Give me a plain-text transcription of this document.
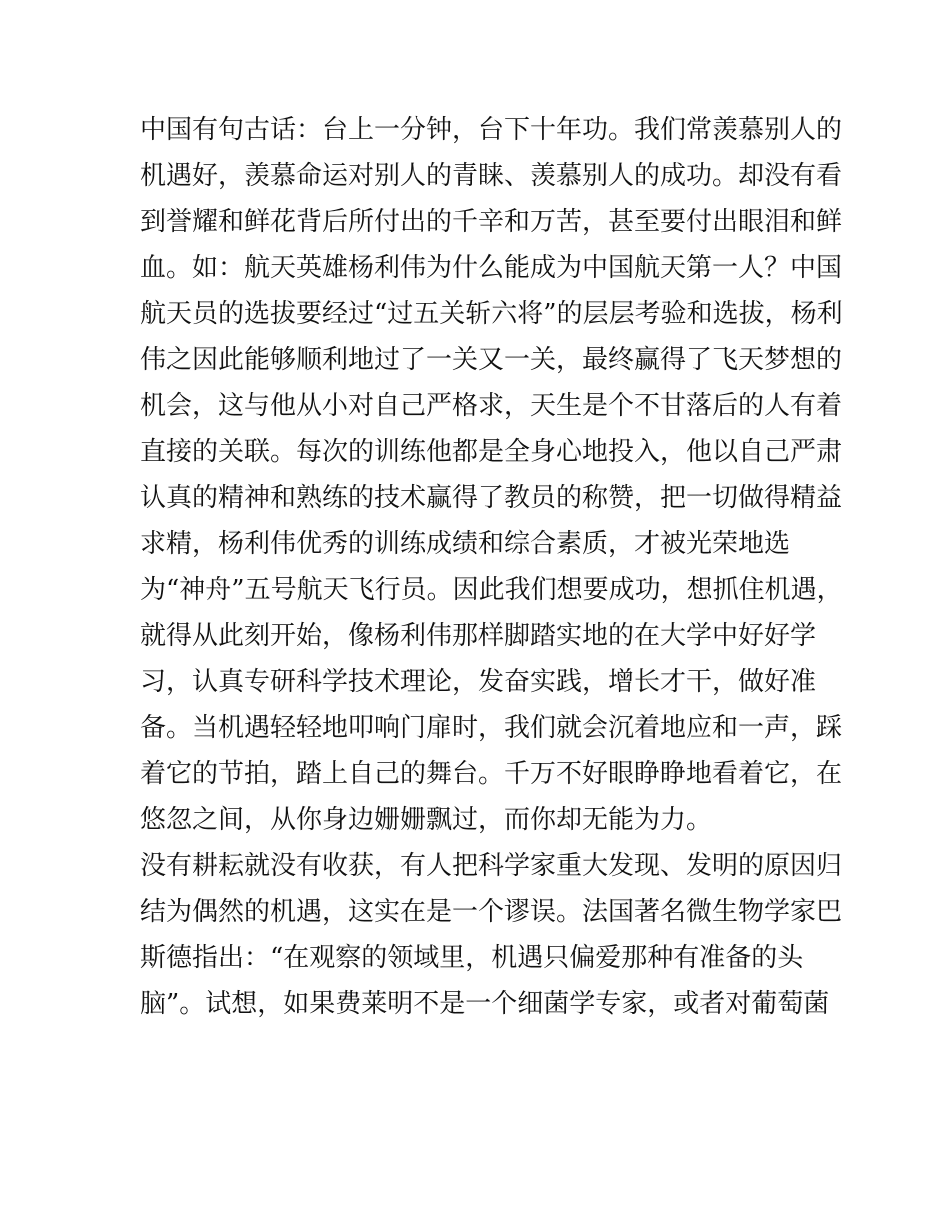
中国有句古话：台上一分钟，台下十年功。我们常羡慕别人的
机遇好，羡慕命运对别人的青睐、羡慕别人的成功。却没有看
到誉耀和鲜花背后所付出的千辛和万苦，甚至要付出眼泪和鲜
血。如：航天英雄杨利伟为什么能成为中国航天第一人？中国
航天员的选拔要经过“过五关斩六将”的层层考验和选拔，杨利
伟之因此能够顺利地过了一关又一关，最终赢得了飞天梦想的
机会，这与他从小对自己严格求，天生是个不甘落后的人有着
直接的关联。每次的训练他都是全身心地投入，他以自己严肃
认真的精神和熟练的技术赢得了教员的称赞，把一切做得精益
求精，杨利伟优秀的训练成绩和综合素质，才被光荣地选
为“神舟”五号航天飞行员。因此我们想要成功，想抓住机遇，
就得从此刻开始，像杨利伟那样脚踏实地的在大学中好好学
习，认真专研科学技术理论，发奋实践，增长才干，做好准
备。当机遇轻轻地叩响门扉时，我们就会沉着地应和一声，踩
着它的节拍，踏上自己的舞台。千万不好眼睁睁地看着它，在
悠忽之间，从你身边姗姗飘过，而你却无能为力。
没有耕耘就没有收获，有人把科学家重大发现、发明的原因归
结为偶然的机遇，这实在是一个谬误。法国著名微生物学家巴
斯德指出：“在观察的领域里，机遇只偏爱那种有准备的头
脑”。试想，如果费莱明不是一个细菌学专家，或者对葡萄菌
